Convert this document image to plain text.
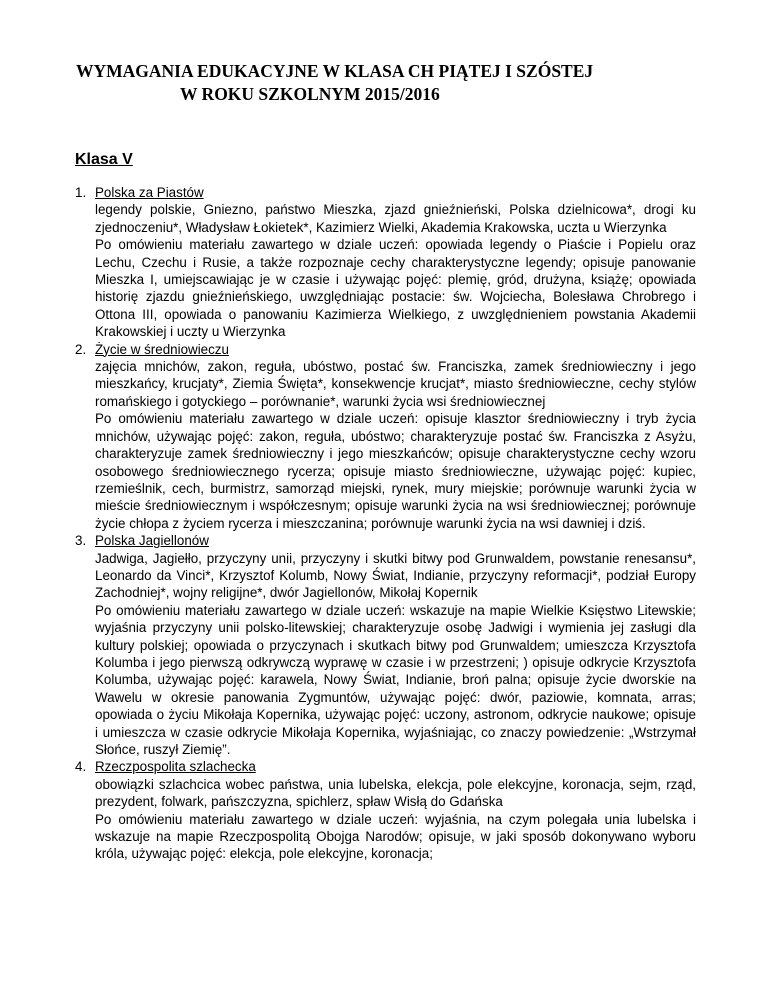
WYMAGANIA EDUKACYJNE W KLASA CH PIĄTEJ I SZÓSTEJ

W ROKU SZKOLNYM 2015/2016
Klasa V
1. Polska za Piastów
legendy polskie, Gniezno, państwo Mieszka, zjazd gnieźnieński, Polska dzielnicowa*, drogi ku zjednoczeniu*, Władysław Łokietek*, Kazimierz Wielki, Akademia Krakowska, uczta u Wierzynka
Po omówieniu materiału zawartego w dziale uczeń: opowiada legendy o Piaście i Popielu oraz Lechu, Czechu i Rusie, a także rozpoznaje cechy charakterystyczne legendy; opisuje panowanie Mieszka I, umiejscawiając je w czasie i używając pojęć: plemię, gród, drużyna, książę; opowiada historię zjazdu gnieźnieńskiego, uwzględniając postacie: św. Wojciecha, Bolesława Chrobrego i Ottona III, opowiada o panowaniu Kazimierza Wielkiego, z uwzględnieniem powstania Akademii Krakowskiej i uczty u Wierzynka
2. Życie w średniowieczu
zajęcia mnichów, zakon, reguła, ubóstwo, postać św. Franciszka, zamek średniowieczny i jego mieszkańcy, krucjaty*, Ziemia Święta*, konsekwencje krucjat*, miasto średniowieczne, cechy stylów romańskiego i gotyckiego – porównanie*, warunki życia wsi średniowiecznej
Po omówieniu materiału zawartego w dziale uczeń: opisuje klasztor średniowieczny i tryb życia mnichów, używając pojęć: zakon, reguła, ubóstwo; charakteryzuje postać św. Franciszka z Asyżu, charakteryzuje zamek średniowieczny i jego mieszkańców; opisuje charakterystyczne cechy wzoru osobowego średniowiecznego rycerza; opisuje miasto średniowieczne, używając pojęć: kupiec, rzemieślnik, cech, burmistrz, samorząd miejski, rynek, mury miejskie; porównuje warunki życia w mieście średniowiecznym i współczesnym; opisuje warunki życia na wsi średniowiecznej; porównuje życie chłopa z życiem rycerza i mieszczanina; porównuje warunki życia na wsi dawniej i dziś.
3. Polska Jagiellonów
Jadwiga, Jagiełło, przyczyny unii, przyczyny i skutki bitwy pod Grunwaldem, powstanie renesansu*, Leonardo da Vinci*, Krzysztof Kolumb, Nowy Świat, Indianie, przyczyny reformacji*, podział Europy Zachodniej*, wojny religijne*, dwór Jagiellonów, Mikołaj Kopernik
Po omówieniu materiału zawartego w dziale uczeń: wskazuje na mapie Wielkie Księstwo Litewskie; wyjaśnia przyczyny unii polsko-litewskiej; charakteryzuje osobę Jadwigi i wymienia jej zasługi dla kultury polskiej; opowiada o przyczynach i skutkach bitwy pod Grunwaldem; umieszcza Krzysztofa Kolumba i jego pierwszą odkrywczą wyprawę w czasie i w przestrzeni; ) opisuje odkrycie Krzysztofa Kolumba, używając pojęć: karawela, Nowy Świat, Indianie, broń palna; opisuje życie dworskie na Wawelu w okresie panowania Zygmuntów, używając pojęć: dwór, paziowie, komnata, arras; opowiada o życiu Mikołaja Kopernika, używając pojęć: uczony, astronom, odkrycie naukowe; opisuje i umieszcza w czasie odkrycie Mikołaja Kopernika, wyjaśniając, co znaczy powiedzenie: „Wstrzymał Słońce, ruszył Ziemię”.
4. Rzeczpospolita szlachecka
obowiązki szlachcica wobec państwa, unia lubelska, elekcja, pole elekcyjne, koronacja, sejm, rząd, prezydent, folwark, pańszczyzna, spichlerz, spław Wisłą do Gdańska
Po omówieniu materiału zawartego w dziale uczeń: wyjaśnia, na czym polegała unia lubelska i wskazuje na mapie Rzeczpospolitą Obojga Narodów; opisuje, w jaki sposób dokonywano wyboru króla, używając pojęć: elekcja, pole elekcyjne, koronacja;
